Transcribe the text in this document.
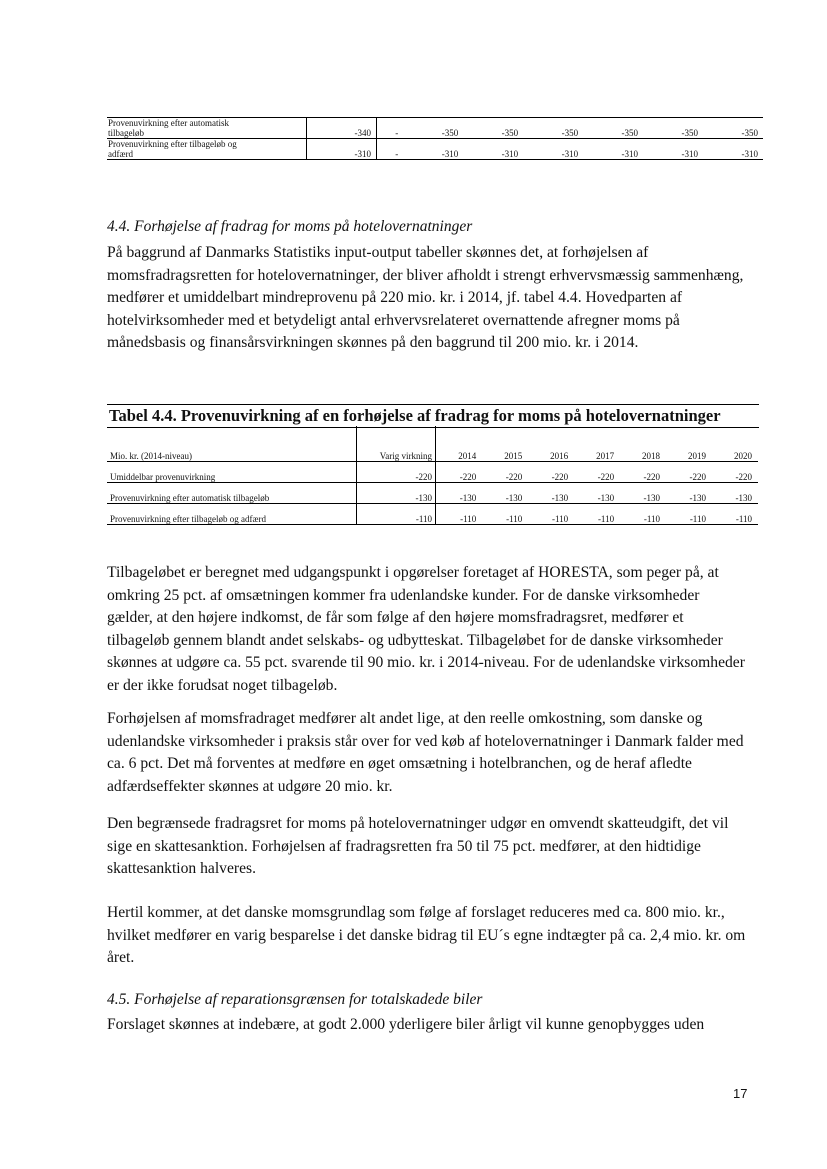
Provenuvirkning efter automatisk
tilbageløb	-340	-	-350	-350	-350	-350	-350	-350
Provenuvirkning efter tilbageløb og
adfærd	-310	-	-310	-310	-310	-310	-310	-310
4.4. Forhøjelse af fradrag for moms på hotelovernatninger
På baggrund af Danmarks Statistiks input-output tabeller skønnes det, at forhøjelsen af momsfradragsretten for hotelovernatninger, der bliver afholdt i strengt erhvervsmæssig sammenhæng, medfører et umiddelbart mindreprovenu på 220 mio. kr. i 2014, jf. tabel 4.4. Hovedparten af hotelvirksomheder med et betydeligt antal erhvervsrelateret overnattende afregner moms på månedsbasis og finansårsvirkningen skønnes på den baggrund til 200 mio. kr. i 2014.
Tabel 4.4. Provenuvirkning af en forhøjelse af fradrag for moms på hotelovernatninger
Mio. kr. (2014-niveau)	Varig virkning	2014	2015	2016	2017	2018	2019	2020
Umiddelbar provenuvirkning	-220	-220	-220	-220	-220	-220	-220	-220
Provenuvirkning efter automatisk tilbageløb	-130	-130	-130	-130	-130	-130	-130	-130
Provenuvirkning efter tilbageløb og adfærd	-110	-110	-110	-110	-110	-110	-110	-110
Tilbageløbet er beregnet med udgangspunkt i opgørelser foretaget af HORESTA, som peger på, at omkring 25 pct. af omsætningen kommer fra udenlandske kunder. For de danske virksomheder gælder, at den højere indkomst, de får som følge af den højere momsfradragsret, medfører et tilbageløb gennem blandt andet selskabs- og udbytteskat. Tilbageløbet for de danske virksomheder skønnes at udgøre ca. 55 pct. svarende til 90 mio. kr. i 2014-niveau. For de udenlandske virksomheder er der ikke forudsat noget tilbageløb.
Forhøjelsen af momsfradraget medfører alt andet lige, at den reelle omkostning, som danske og udenlandske virksomheder i praksis står over for ved køb af hotelovernatninger i Danmark falder med ca. 6 pct. Det må forventes at medføre en øget omsætning i hotelbranchen, og de heraf afledte adfærdseffekter skønnes at udgøre 20 mio. kr.
Den begrænsede fradragsret for moms på hotelovernatninger udgør en omvendt skatteudgift, det vil sige en skattesanktion. Forhøjelsen af fradragsretten fra 50 til 75 pct. medfører, at den hidtidige skattesanktion halveres.
Hertil kommer, at det danske momsgrundlag som følge af forslaget reduceres med ca. 800 mio. kr., hvilket medfører en varig besparelse i det danske bidrag til EU´s egne indtægter på ca. 2,4 mio. kr. om året.
4.5. Forhøjelse af reparationsgrænsen for totalskadede biler
Forslaget skønnes at indebære, at godt 2.000 yderligere biler årligt vil kunne genopbygges uden
17
